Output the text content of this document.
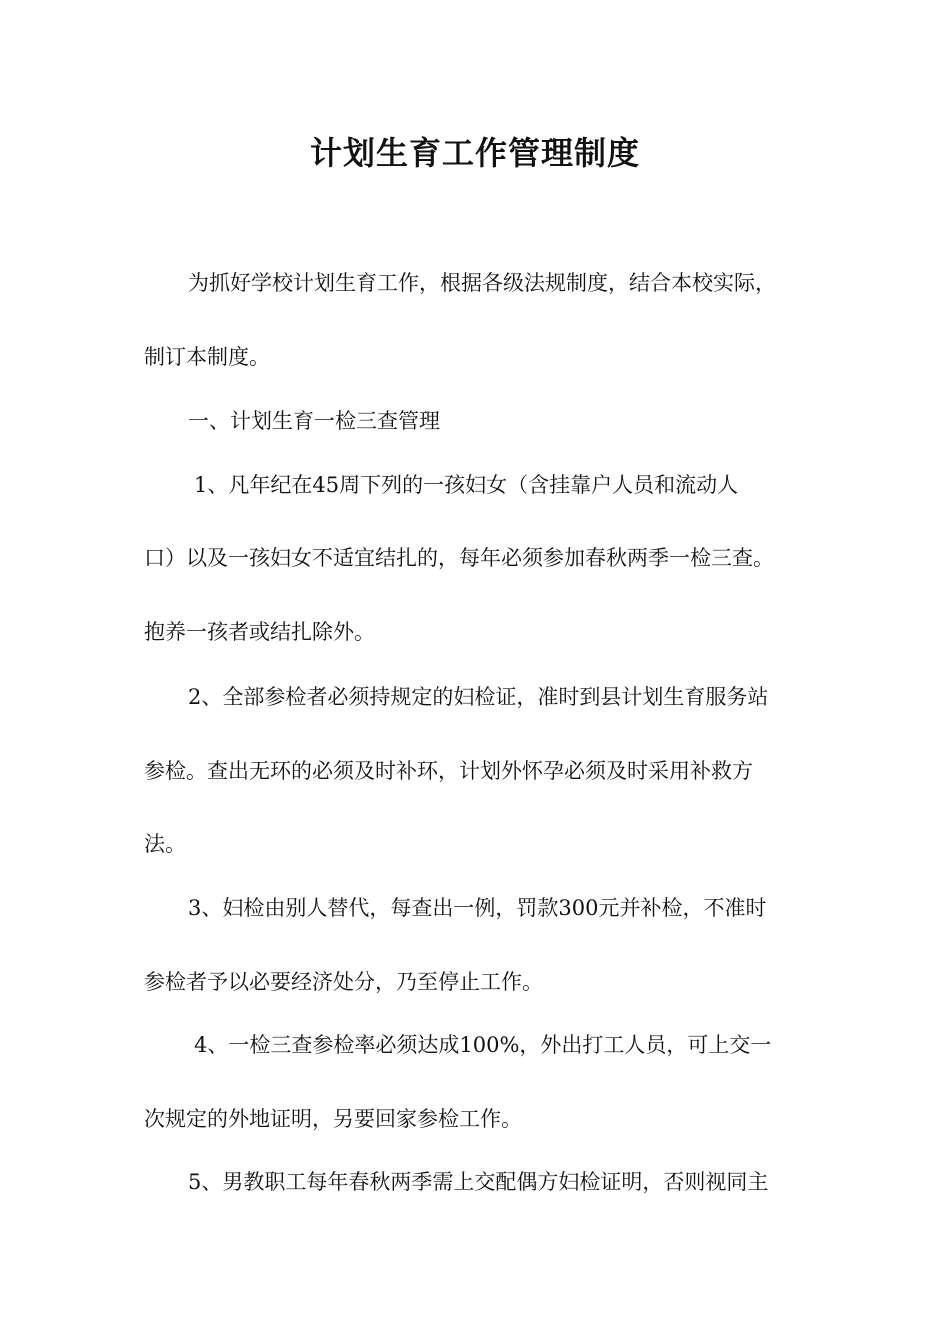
计划生育工作管理制度
为抓好学校计划生育工作，根据各级法规制度，结合本校实际，
制订本制度。
一、计划生育一检三查管理
1、凡年纪在45周下列的一孩妇女（含挂靠户人员和流动人
口）以及一孩妇女不适宜结扎的，每年必须参加春秋两季一检三查。
抱养一孩者或结扎除外。
2、全部参检者必须持规定的妇检证，准时到县计划生育服务站
参检。查出无环的必须及时补环，计划外怀孕必须及时采用补救方
法。
3、妇检由别人替代，每查出一例，罚款300元并补检，不准时
参检者予以必要经济处分，乃至停止工作。
4、一检三查参检率必须达成100%，外出打工人员，可上交一
次规定的外地证明，另要回家参检工作。
5、男教职工每年春秋两季需上交配偶方妇检证明，否则视同主
